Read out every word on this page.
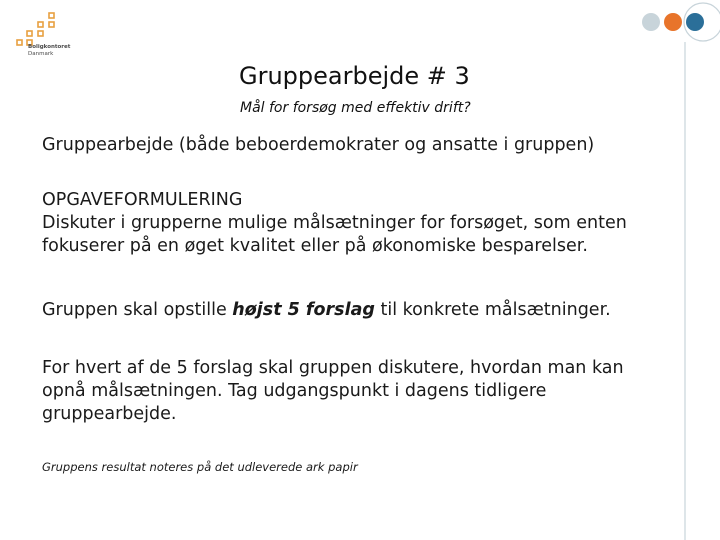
Boligkontoret
Danmark
Gruppearbejde # 3
Mål for forsøg med effektiv drift?
Gruppearbejde (både beboerdemokrater og ansatte i gruppen)
OPGAVEFORMULERING
Diskuter i grupperne mulige målsætninger for forsøget, som enten fokuserer på en øget kvalitet eller på økonomiske besparelser.
Gruppen skal opstille højst 5 forslag til konkrete målsætninger.
For hvert af de 5 forslag skal gruppen diskutere, hvordan man kan opnå målsætningen. Tag udgangspunkt i dagens tidligere gruppearbejde.
Gruppens resultat noteres på det udleverede ark papir
